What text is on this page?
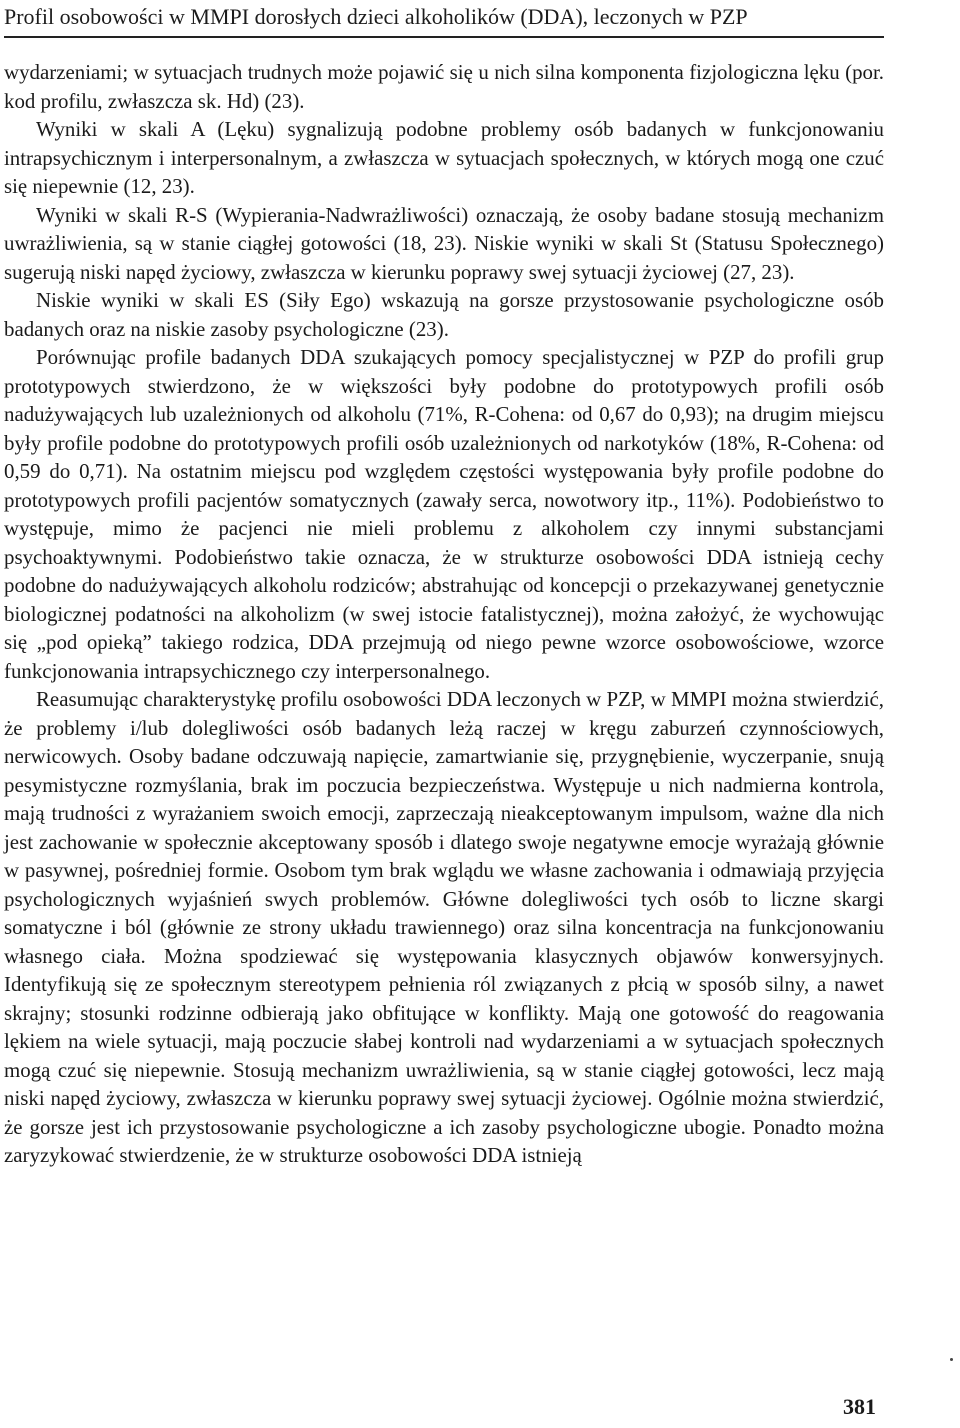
Profil osobowości w MMPI dorosłych dzieci alkoholików (DDA), leczonych w PZP

wydarzeniami; w sytuacjach trudnych może pojawić się u nich silna komponenta fizjologiczna lęku (por. kod profilu, zwłaszcza sk. Hd) (23).

Wyniki w skali A (Lęku) sygnalizują podobne problemy osób badanych w funkcjonowaniu intrapsychicznym i interpersonalnym, a zwłaszcza w sytuacjach społecznych, w których mogą one czuć się niepewnie (12, 23).

Wyniki w skali R-S (Wypierania-Nadwrażliwości) oznaczają, że osoby badane stosują mechanizm uwrażliwienia, są w stanie ciągłej gotowości (18, 23). Niskie wyniki w skali St (Statusu Społecznego) sugerują niski napęd życiowy, zwłaszcza w kierunku poprawy swej sytuacji życiowej (27, 23).

Niskie wyniki w skali ES (Siły Ego) wskazują na gorsze przystosowanie psychologiczne osób badanych oraz na niskie zasoby psychologiczne (23).

Porównując profile badanych DDA szukających pomocy specjalistycznej w PZP do profili grup prototypowych stwierdzono, że w większości były podobne do prototypowych profili osób nadużywających lub uzależnionych od alkoholu (71%, R-Cohena: od 0,67 do 0,93); na drugim miejscu były profile podobne do prototypowych profili osób uzależnionych od narkotyków (18%, R-Cohena: od 0,59 do 0,71). Na ostatnim miejscu pod względem częstości występowania były profile podobne do prototypowych profili pacjentów somatycznych (zawały serca, nowotwory itp., 11%). Podobieństwo to występuje, mimo że pacjenci nie mieli problemu z alkoholem czy innymi substancjami psychoaktywnymi. Podobieństwo takie oznacza, że w strukturze osobowości DDA istnieją cechy podobne do nadużywających alkoholu rodziców; abstrahując od koncepcji o przekazywanej genetycznie biologicznej podatności na alkoholizm (w swej istocie fatalistycznej), można założyć, że wychowując się „pod opieką” takiego rodzica, DDA przejmują od niego pewne wzorce osobowościowe, wzorce funkcjonowania intrapsychicznego czy interpersonalnego.

Reasumując charakterystykę profilu osobowości DDA leczonych w PZP, w MMPI można stwierdzić, że problemy i/lub dolegliwości osób badanych leżą raczej w kręgu zaburzeń czynnościowych, nerwicowych. Osoby badane odczuwają napięcie, zamartwianie się, przygnębienie, wyczerpanie, snują pesymistyczne rozmyślania, brak im poczucia bezpieczeństwa. Występuje u nich nadmierna kontrola, mają trudności z wyrażaniem swoich emocji, zaprzeczają nieakceptowanym impulsom, ważne dla nich jest zachowanie w społecznie akceptowany sposób i dlatego swoje negatywne emocje wyrażają głównie w pasywnej, pośredniej formie. Osobom tym brak wglądu we własne zachowania i odmawiają przyjęcia psychologicznych wyjaśnień swych problemów. Główne dolegliwości tych osób to liczne skargi somatyczne i ból (głównie ze strony układu trawiennego) oraz silna koncentracja na funkcjonowaniu własnego ciała. Można spodziewać się występowania klasycznych objawów konwersyjnych. Identyfikują się ze społecznym stereotypem pełnienia ról związanych z płcią w sposób silny, a nawet skrajny; stosunki rodzinne odbierają jako obfitujące w konflikty. Mają one gotowość do reagowania lękiem na wiele sytuacji, mają poczucie słabej kontroli nad wydarzeniami a w sytuacjach społecznych mogą czuć się niepewnie. Stosują mechanizm uwrażliwienia, są w stanie ciągłej gotowości, lecz mają niski napęd życiowy, zwłaszcza w kierunku poprawy swej sytuacji życiowej. Ogólnie można stwierdzić, że gorsze jest ich przystosowanie psychologiczne a ich zasoby psychologiczne ubogie. Ponadto można zaryzykować stwierdzenie, że w strukturze osobowości DDA istnieją

381
